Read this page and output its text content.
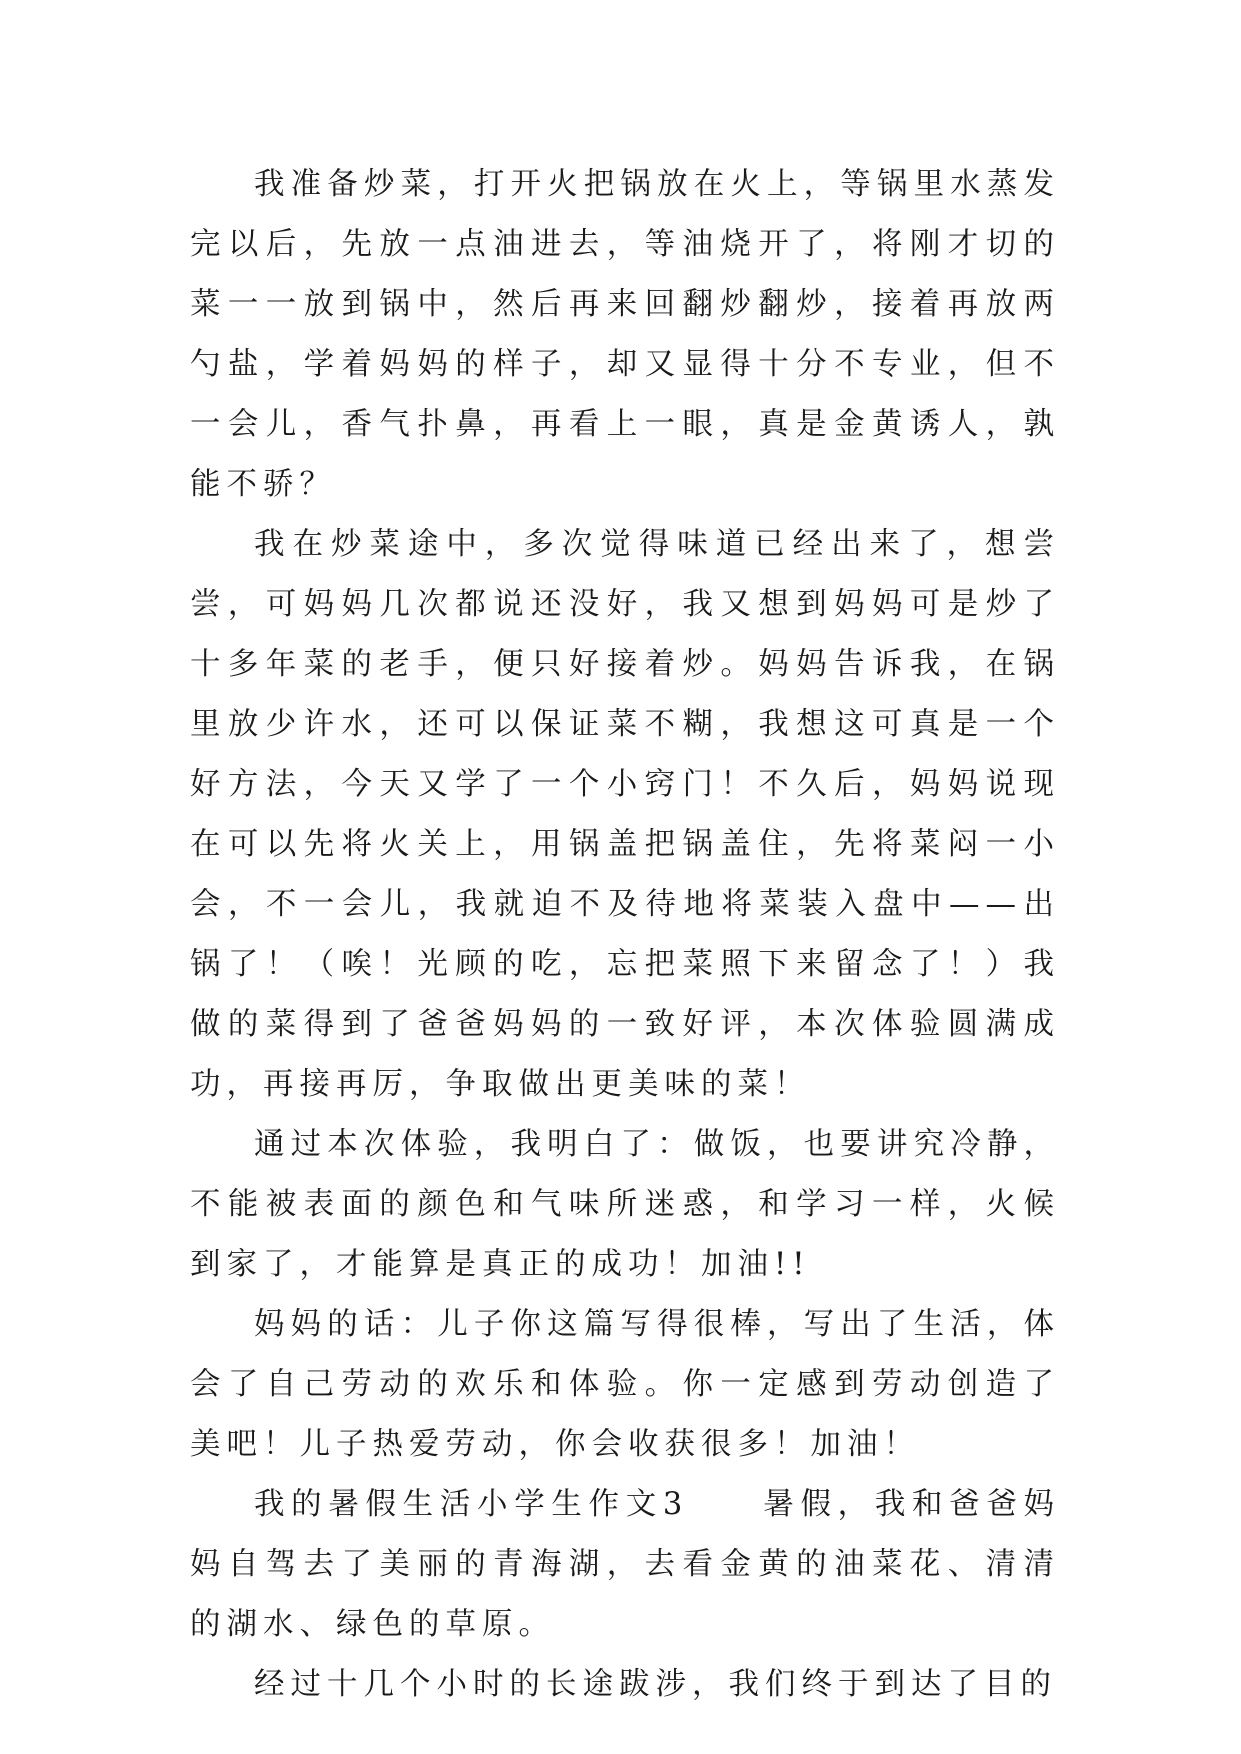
我准备炒菜，打开火把锅放在火上，等锅里水蒸发完以后，先放一点油进去，等油烧开了，将刚才切的菜一一放到锅中，然后再来回翻炒翻炒，接着再放两勺盐，学着妈妈的样子，却又显得十分不专业，但不一会儿，香气扑鼻，再看上一眼，真是金黄诱人，孰能不骄？

我在炒菜途中，多次觉得味道已经出来了，想尝尝，可妈妈几次都说还没好，我又想到妈妈可是炒了十多年菜的老手，便只好接着炒。妈妈告诉我，在锅里放少许水，还可以保证菜不糊，我想这可真是一个好方法，今天又学了一个小窍门！不久后，妈妈说现在可以先将火关上，用锅盖把锅盖住，先将菜闷一小会，不一会儿，我就迫不及待地将菜装入盘中——出锅了！（唉！光顾的吃，忘把菜照下来留念了！）我做的菜得到了爸爸妈妈的一致好评，本次体验圆满成功，再接再厉，争取做出更美味的菜！

通过本次体验，我明白了：做饭，也要讲究冷静，不能被表面的颜色和气味所迷惑，和学习一样，火候到家了，才能算是真正的成功！加油!!

妈妈的话：儿子你这篇写得很棒，写出了生活，体会了自己劳动的欢乐和体验。你一定感到劳动创造了美吧！儿子热爱劳动，你会收获很多！加油！

我的暑假生活小学生作文3　　暑假，我和爸爸妈妈自驾去了美丽的青海湖，去看金黄的油菜花、清清的湖水、绿色的草原。

经过十几个小时的长途跋涉，我们终于到达了目的
